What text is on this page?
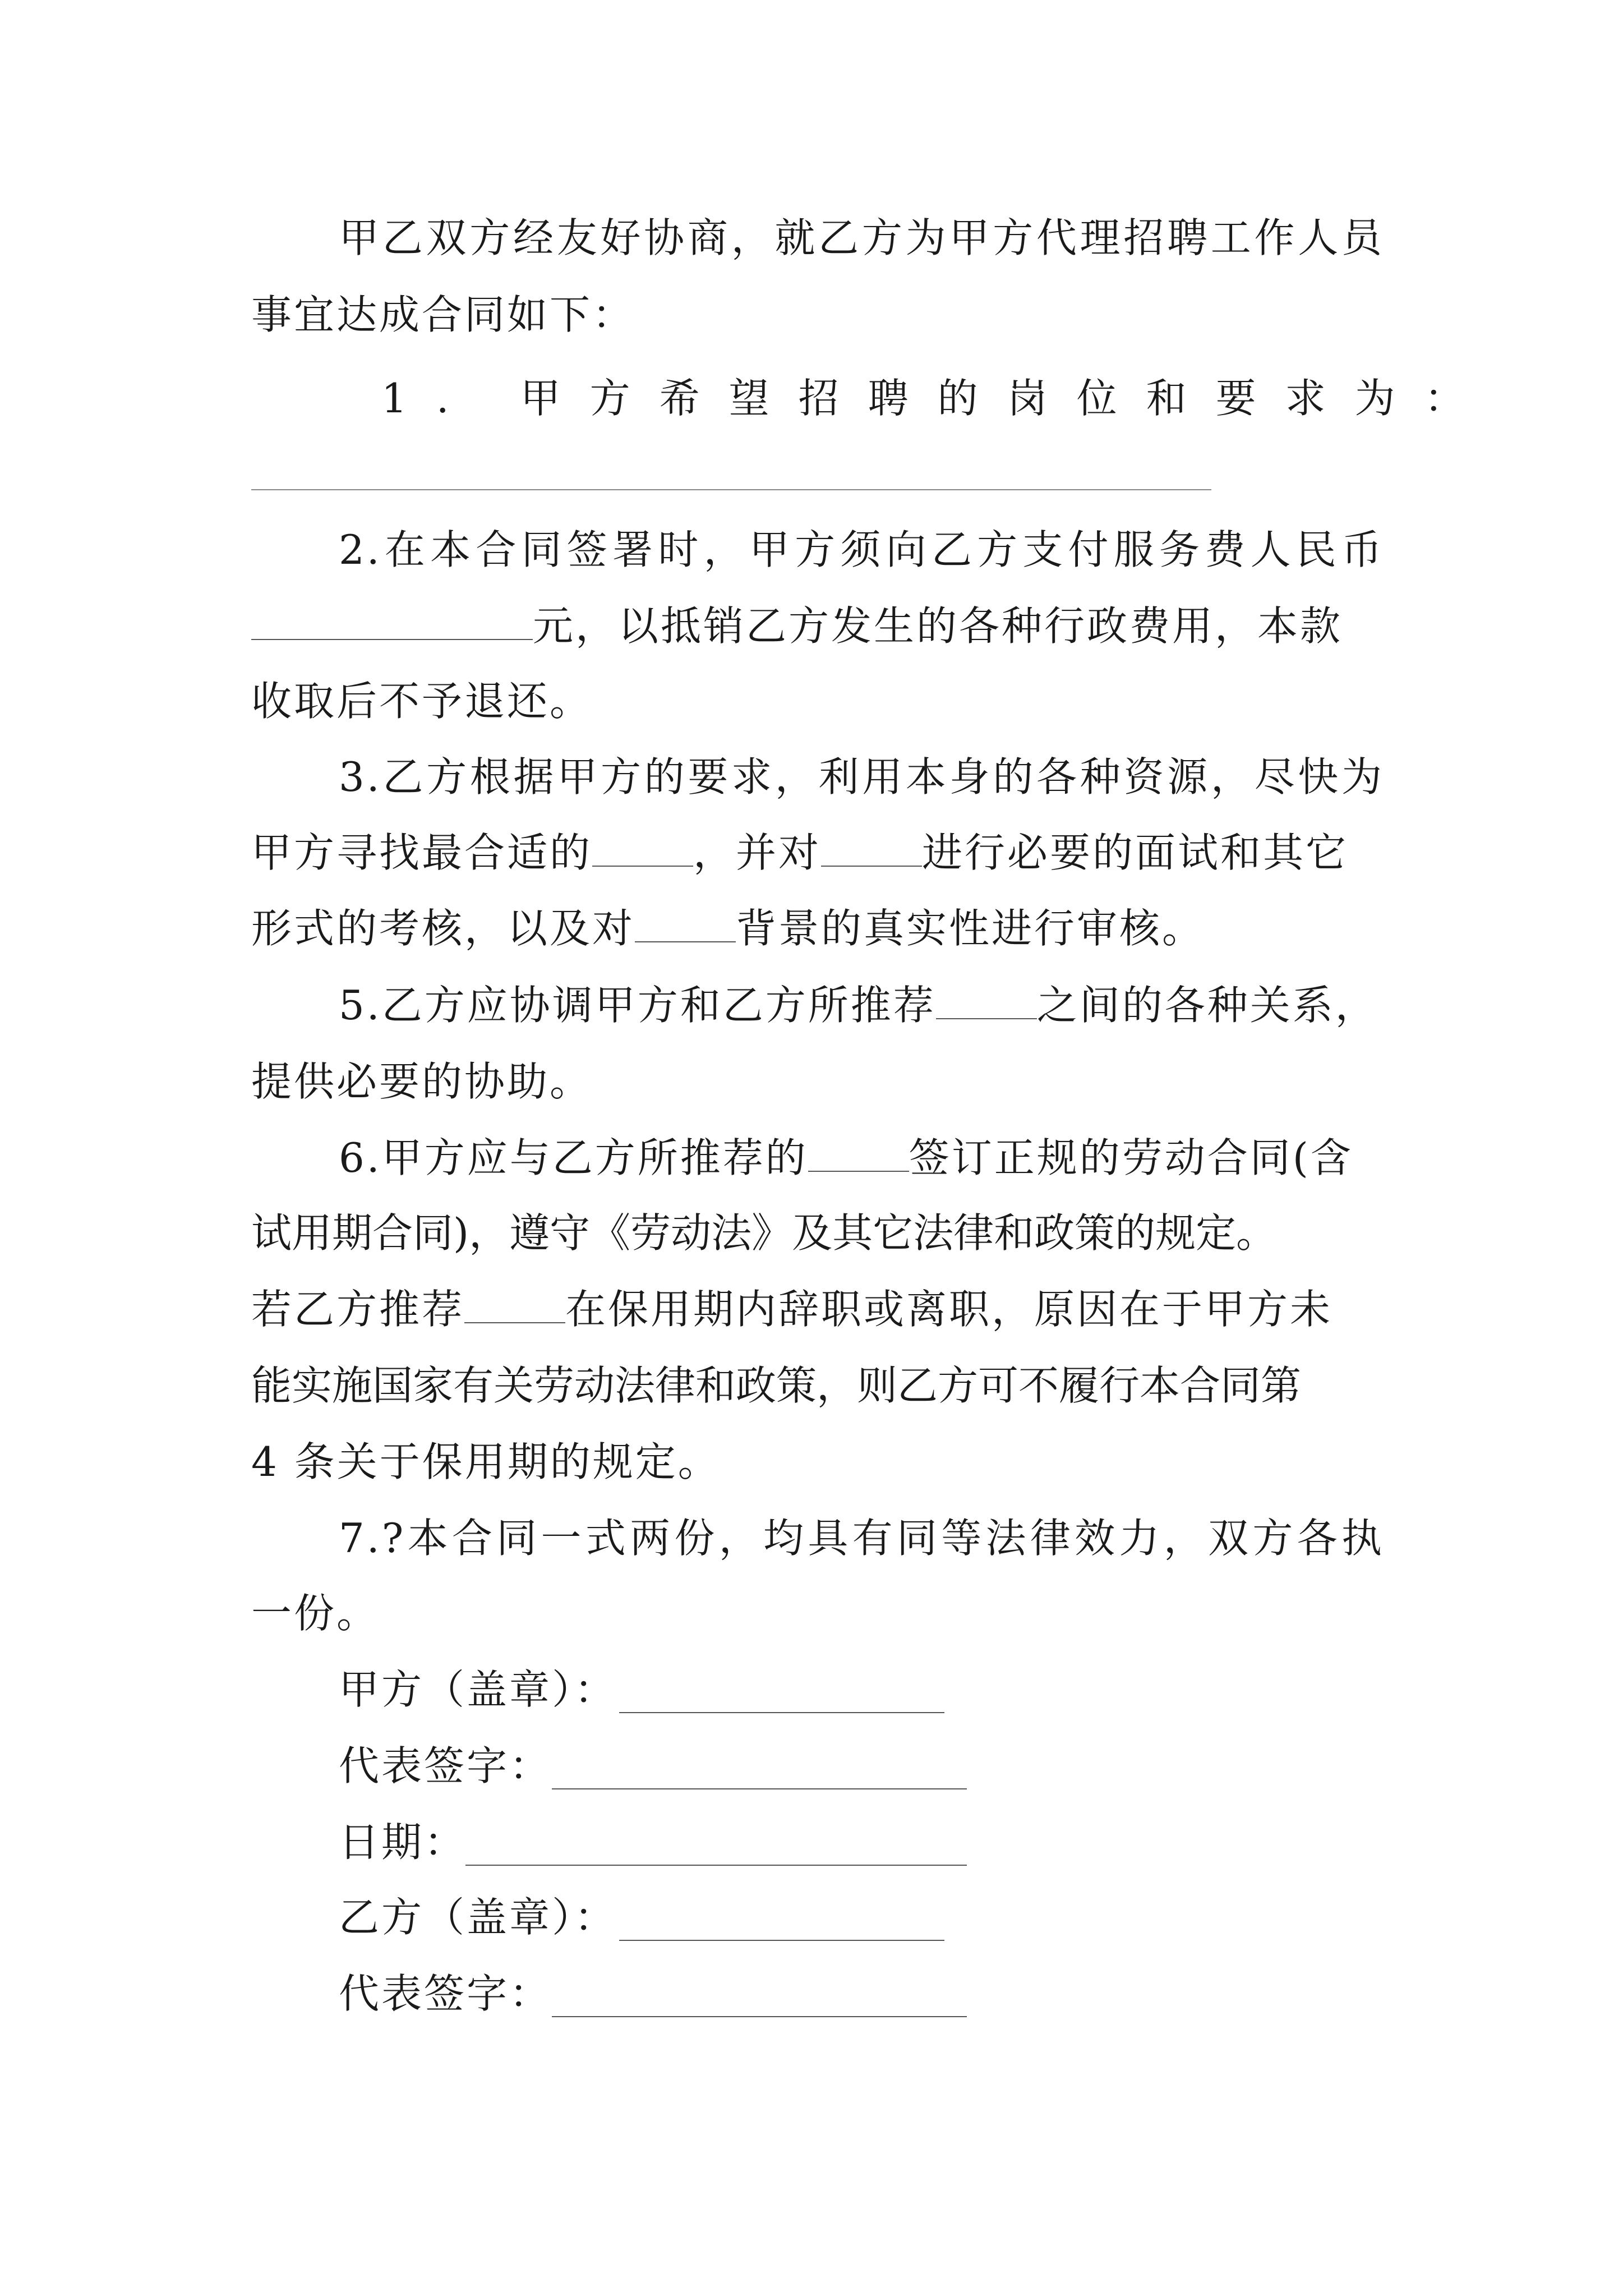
甲乙双方经友好协商，就乙方为甲方代理招聘工作人员
事宜达成合同如下：
1. 甲方希望招聘的岗位和要求为：
2.在本合同签署时，甲方须向乙方支付服务费人民币
元，以抵销乙方发生的各种行政费用，本款
收取后不予退还。
3.乙方根据甲方的要求，利用本身的各种资源，尽快为
甲方寻找最合适的	，并对	进行必要的面试和其它
形式的考核，以及对	背景的真实性进行审核。
5.乙方应协调甲方和乙方所推荐	之间的各种关系，
提供必要的协助。
6.甲方应与乙方所推荐的	签订正规的劳动合同(含
试用期合同)，遵守《劳动法》及其它法律和政策的规定。
若乙方推荐	在保用期内辞职或离职，原因在于甲方未
能实施国家有关劳动法律和政策，则乙方可不履行本合同第
4 条关于保用期的规定。
7.?本合同一式两份，均具有同等法律效力，双方各执
一份。
甲方（盖章）：
代表签字：
日期：
乙方（盖章）：
代表签字：
